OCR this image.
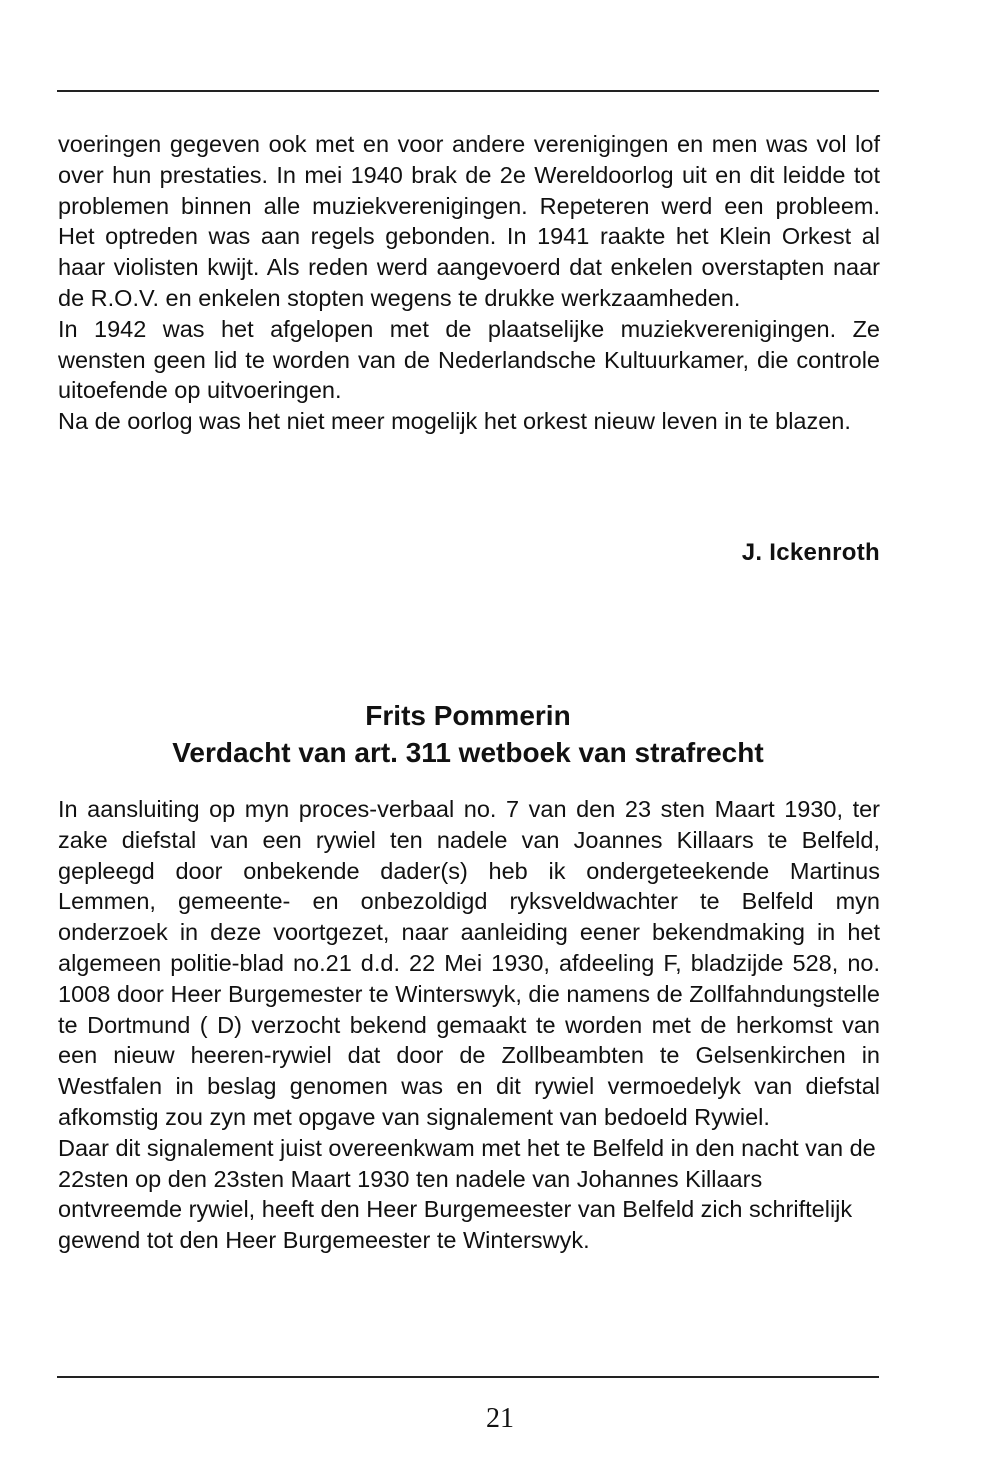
voeringen gegeven ook met en voor andere verenigingen en men was vol lof over hun prestaties. In mei 1940 brak de 2e Wereldoorlog uit en dit leidde tot problemen binnen alle muziekverenigingen. Repeteren werd een probleem. Het optreden was aan regels gebonden. In 1941 raakte het Klein Orkest al haar violisten kwijt. Als reden werd aangevoerd dat enkelen overstapten naar de R.O.V. en enkelen stopten wegens te drukke werkzaamheden.

In 1942 was het afgelopen met de plaatselijke muziekverenigingen. Ze wensten geen lid te worden van de Nederlandsche Kultuurkamer, die controle uitoefende op uitvoeringen.

Na de oorlog was het niet meer mogelijk het orkest nieuw leven in te blazen.

J. Ickenroth
Frits Pommerin
Verdacht van art. 311 wetboek van strafrecht

In aansluiting op myn proces-verbaal no. 7 van den 23 sten Maart 1930, ter zake diefstal van een rywiel ten nadele van Joannes Killaars te Belfeld, gepleegd door onbekende dader(s) heb ik ondergeteekende Martinus Lemmen, gemeente- en onbezoldigd ryksveldwachter te Belfeld myn onderzoek in deze voortgezet, naar aanleiding eener bekendmaking in het algemeen politie-blad no.21 d.d. 22 Mei 1930, afdeeling F, bladzijde 528, no. 1008 door Heer Burgemester te Winterswyk, die namens de Zollfahndungstelle te Dortmund ( D) verzocht bekend gemaakt te worden met de herkomst van een nieuw heeren-rywiel dat door de Zollbeambten te Gelsenkirchen in Westfalen in beslag genomen was en dit rywiel vermoedelyk van diefstal afkomstig zou zyn met opgave van signalement van bedoeld Rywiel.

Daar dit signalement juist overeenkwam met het te Belfeld in den nacht van de 22sten op den 23sten Maart 1930 ten nadele van Johannes Killaars ontvreemde rywiel, heeft den Heer Burgemeester van Belfeld zich schriftelijk gewend tot den Heer Burgemeester te Winterswyk.

21
